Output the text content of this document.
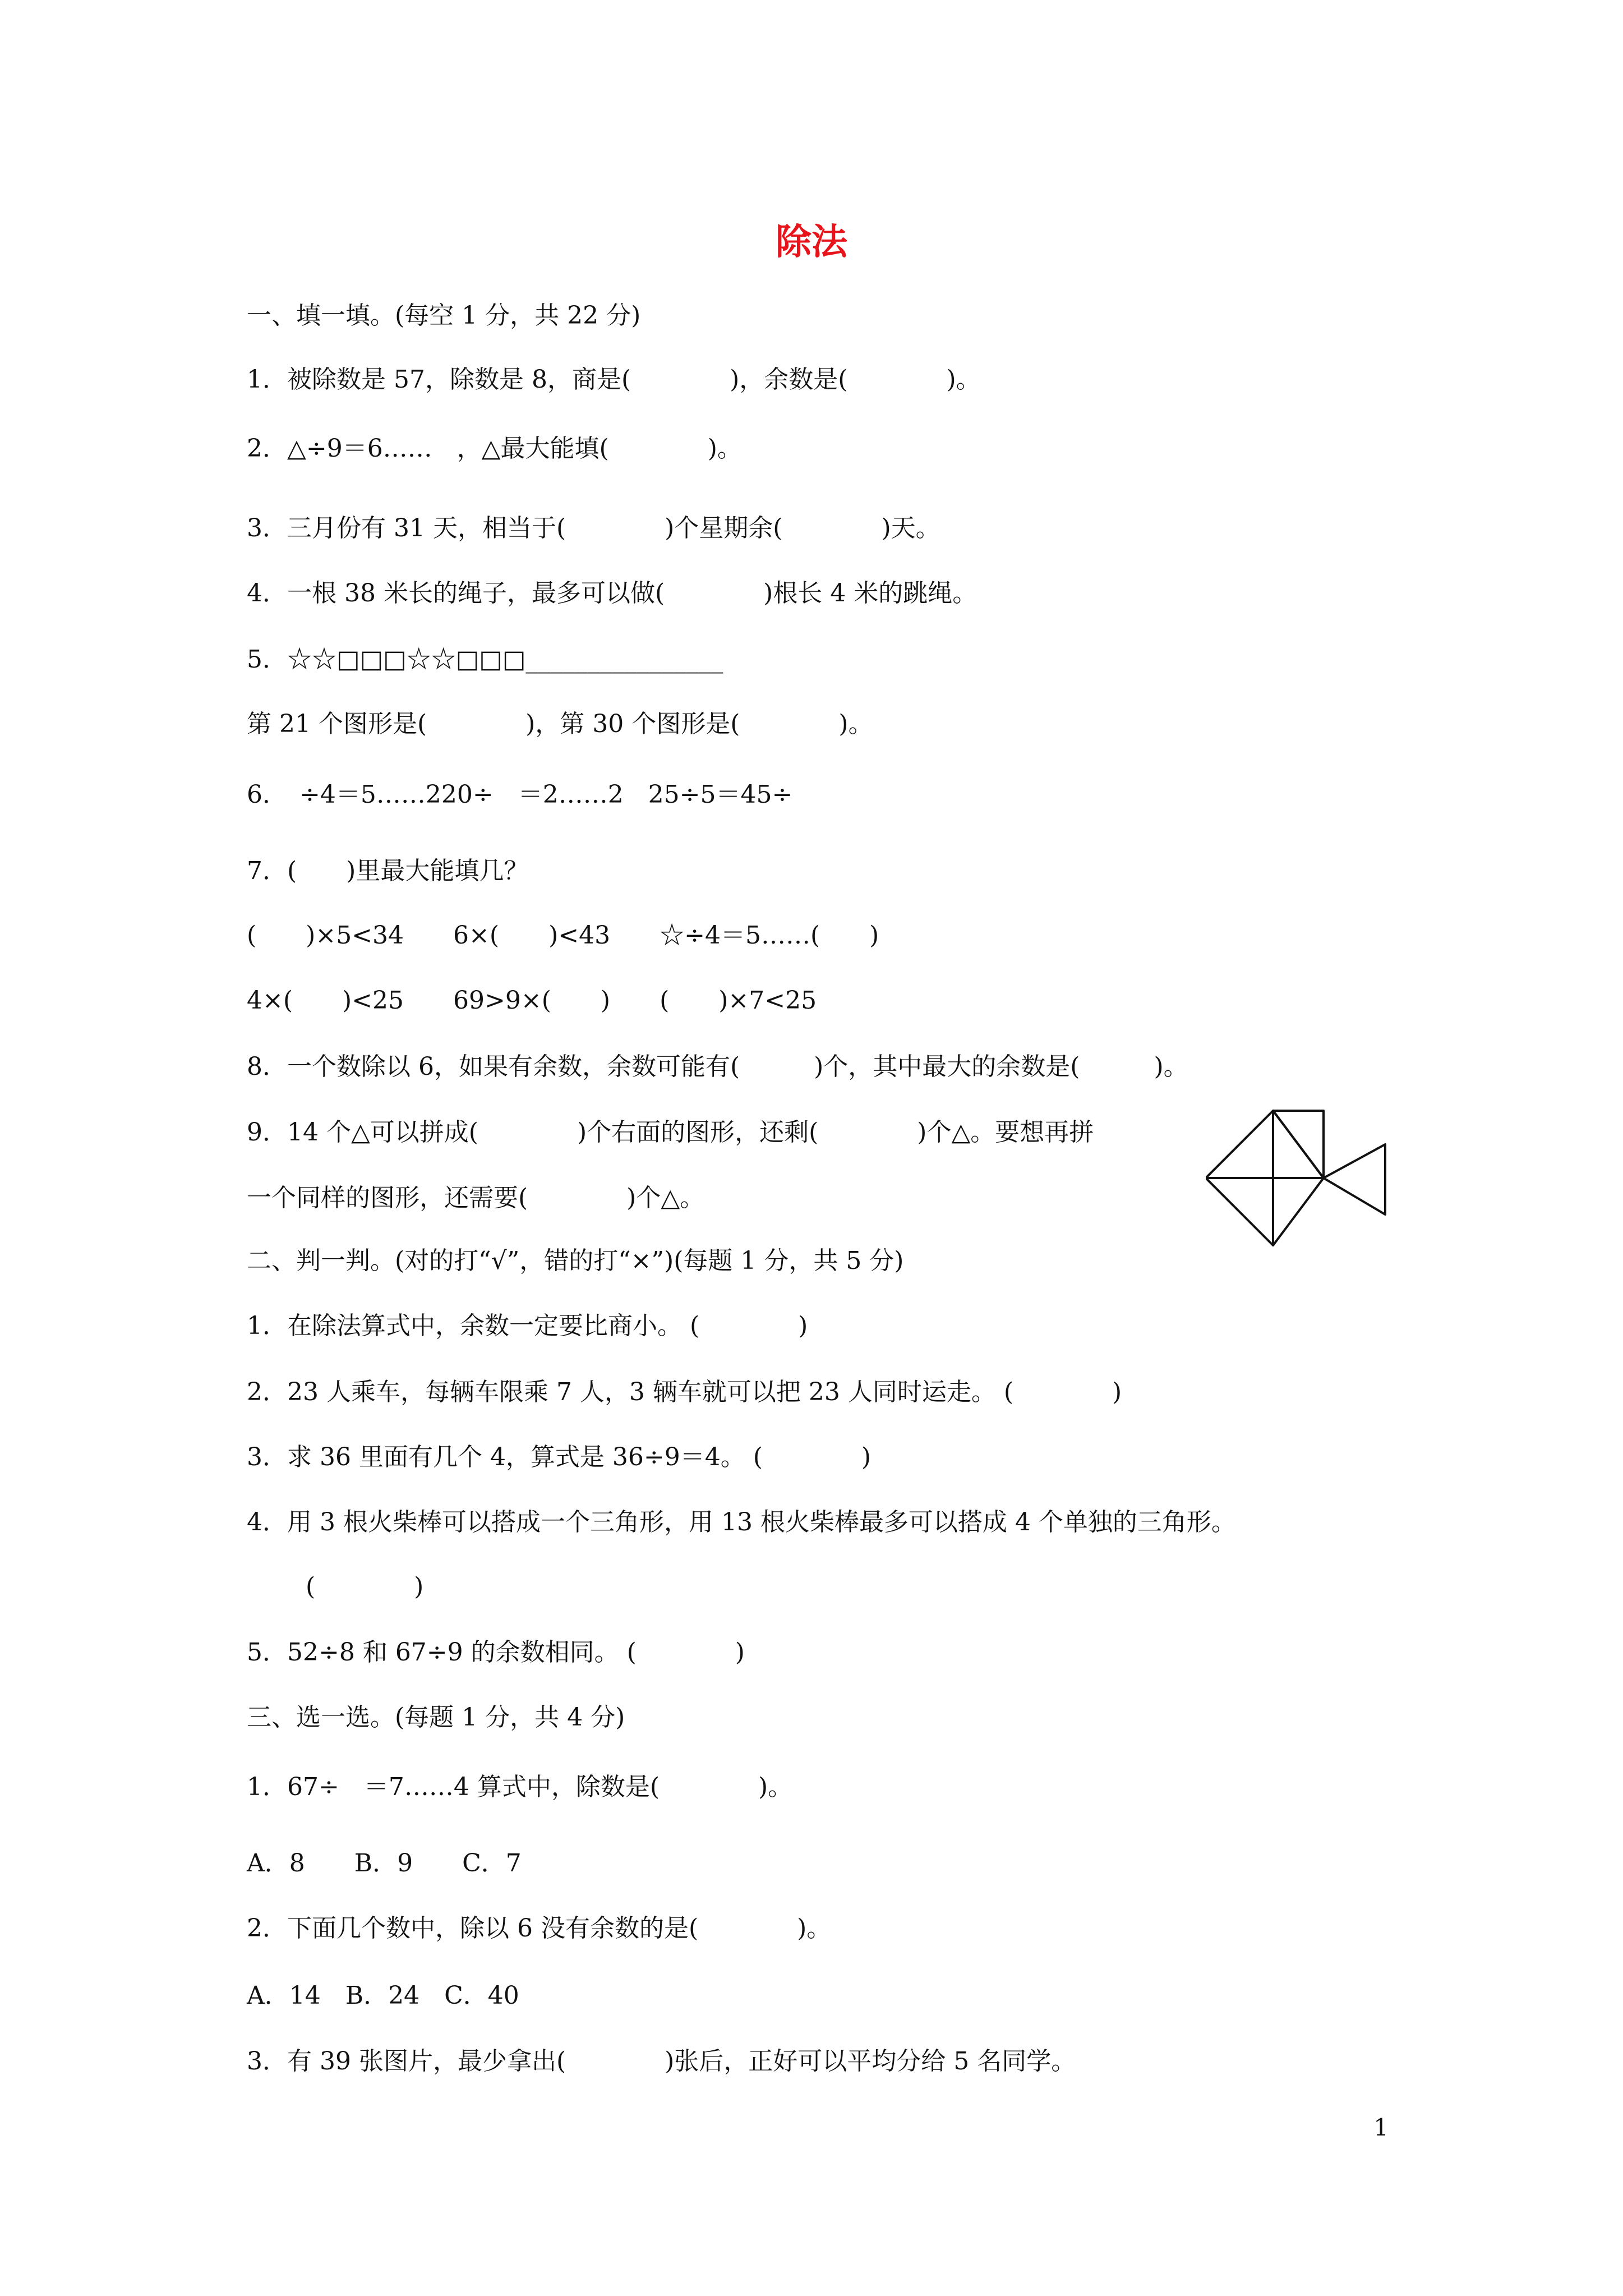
除法
一、填一填。(每空 1 分，共 22 分)
1．被除数是 57，除数是 8，商是(　　　　)，余数是(　　　　)。
2．△÷9＝6……　，△最大能填(　　　　)。
3．三月份有 31 天，相当于(　　　　)个星期余(　　　　)天。
4．一根 38 米长的绳子，最多可以做(　　　　)根长 4 米的跳绳。
5．☆☆□□□☆☆□□□________________
第 21 个图形是(　　　　)，第 30 个图形是(　　　　)。
6．　÷4＝5……220÷　＝2……2　25÷5＝45÷
7．(　　)里最大能填几？
(　　)×5<34　　6×(　　)<43　　☆÷4＝5……(　　)
4×(　　)<25　　69>9×(　　)　　(　　)×7<25
8．一个数除以 6，如果有余数，余数可能有(　　　)个，其中最大的余数是(　　　)。
9．14 个△可以拼成(　　　　)个右面的图形，还剩(　　　　)个△。要想再拼
一个同样的图形，还需要(　　　　)个△。
二、判一判。(对的打“√”，错的打“×”)(每题 1 分，共 5 分)
1．在除法算式中，余数一定要比商小。 (　　　　)
2．23 人乘车，每辆车限乘 7 人，3 辆车就可以把 23 人同时运走。 (　　　　)
3．求 36 里面有几个 4，算式是 36÷9＝4。 (　　　　)
4．用 3 根火柴棒可以搭成一个三角形，用 13 根火柴棒最多可以搭成 4 个单独的三角形。
(　　　　)
5．52÷8 和 67÷9 的余数相同。 (　　　　)
三、选一选。(每题 1 分，共 4 分)
1．67÷　＝7……4 算式中，除数是(　　　　)。
A．8　　B．9　　C．7
2．下面几个数中，除以 6 没有余数的是(　　　　)。
A．14　B．24　C．40
3．有 39 张图片，最少拿出(　　　　)张后，正好可以平均分给 5 名同学。
1
